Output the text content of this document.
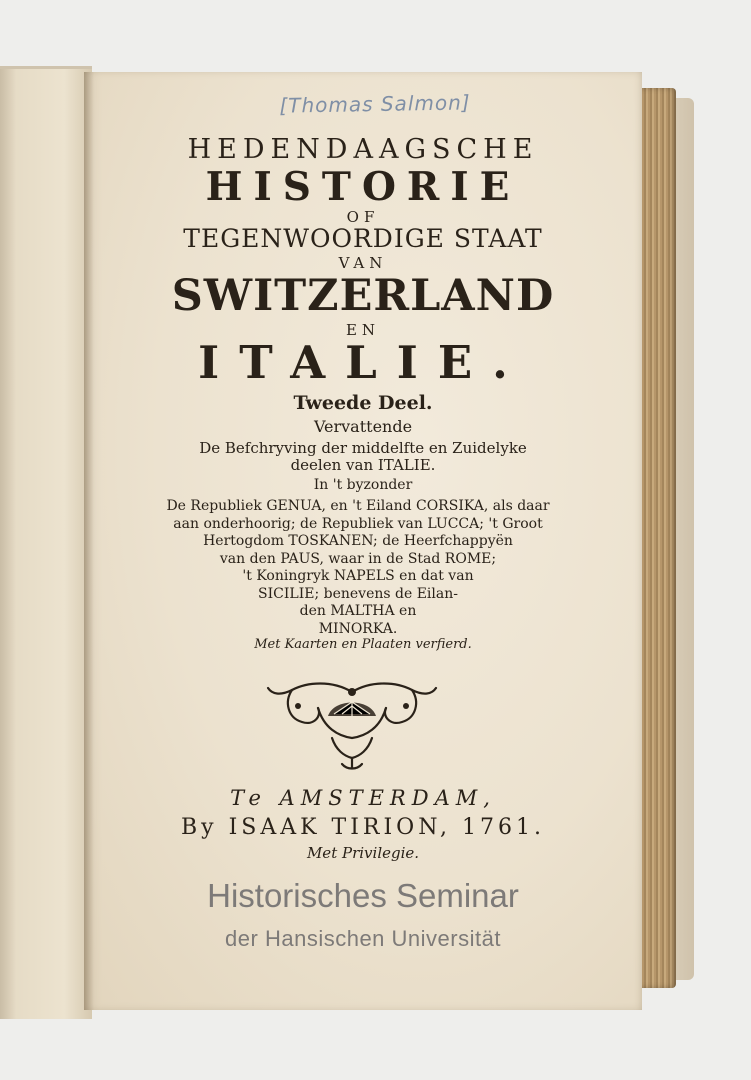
[Thomas Salmon]
HEDENDAAGSCHE
HISTORIE
OF
TEGENWOORDIGE STAAT
VAN
SWITZERLAND
EN
ITALIE.
Tweede Deel.
Vervattende
De Befchryving der middelfte en Zuidelyke
deelen van ITALIE.
In 't byzonder
De Republiek GENUA, en 't Eiland CORSIKA, als daar
aan onderhoorig; de Republiek van LUCCA; 't Groot
Hertogdom TOSKANEN; de Heerfchappyën
van den PAUS, waar in de Stad ROME;
't Koningryk NAPELS en dat van
SICILIE; benevens de Eilan-
den MALTHA en
MINORKA.
Met Kaarten en Plaaten verfierd.
Te AMSTERDAM,
By ISAAK TIRION, 1761.
Met Privilegie.
Historisches Seminar
der Hansischen Universität
